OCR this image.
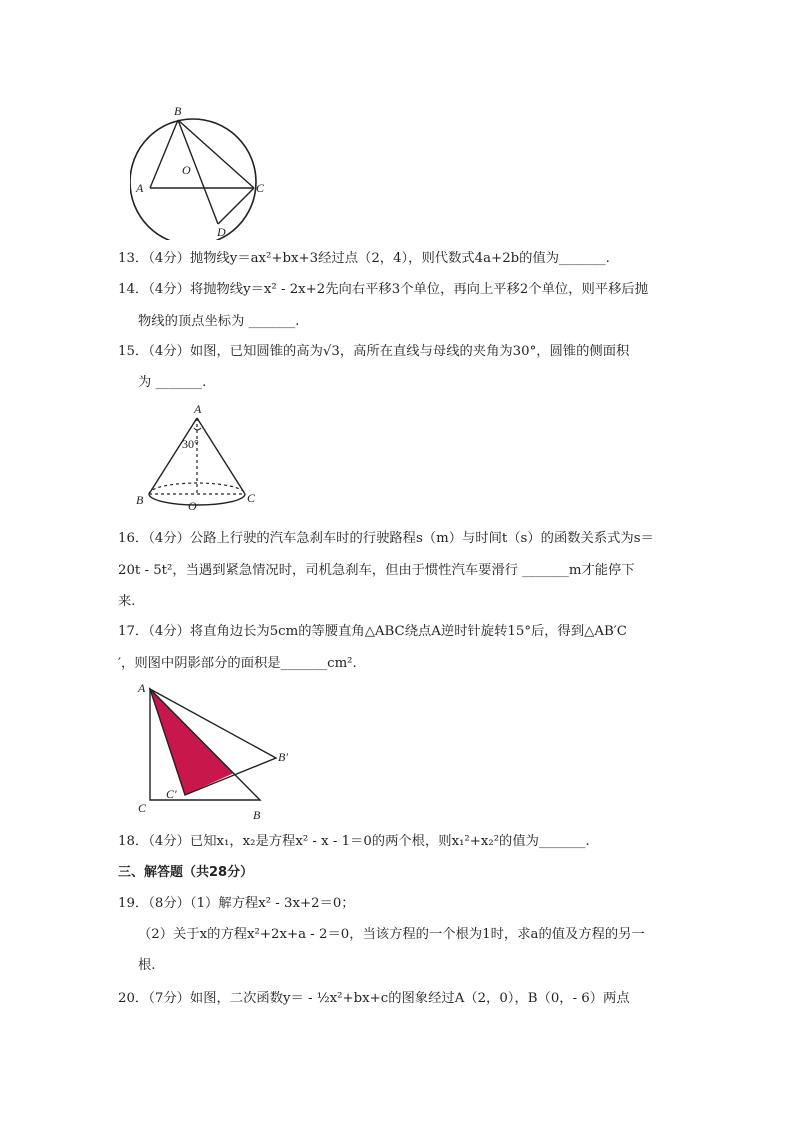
B
O
A	C
D
13．（4分）抛物线y＝ax²+bx+3经过点（2，4），则代数式4a+2b的值为_______.
14．（4分）将抛物线y＝x² - 2x+2先向右平移3个单位，再向上平移2个单位，则平移后抛
物线的顶点坐标为 _______.
15．（4分）如图，已知圆锥的高为√3，高所在直线与母线的夹角为30°，圆锥的侧面积
为 _______.
A
30°
B	O
C
16．（4分）公路上行驶的汽车急刹车时的行驶路程s（m）与时间t（s）的函数关系式为s＝
20t - 5t²，当遇到紧急情况时，司机急刹车，但由于惯性汽车要滑行 _______m才能停下
来.
17．（4分）将直角边长为5cm的等腰直角△ABC绕点A逆时针旋转15°后，得到△AB′C
′，则图中阴影部分的面积是_______cm².
A
B′
C′
C	B
18．（4分）已知x₁，x₂是方程x² - x - 1＝0的两个根，则x₁²+x₂²的值为_______.
三、解答题（共28分）
19．（8分）（1）解方程x² - 3x+2＝0；
（2）关于x的方程x²+2x+a - 2＝0，当该方程的一个根为1时，求a的值及方程的另一
根.
20．（7分）如图，二次函数y＝ - ½x²+bx+c的图象经过A（2，0），B（0，- 6）两点
